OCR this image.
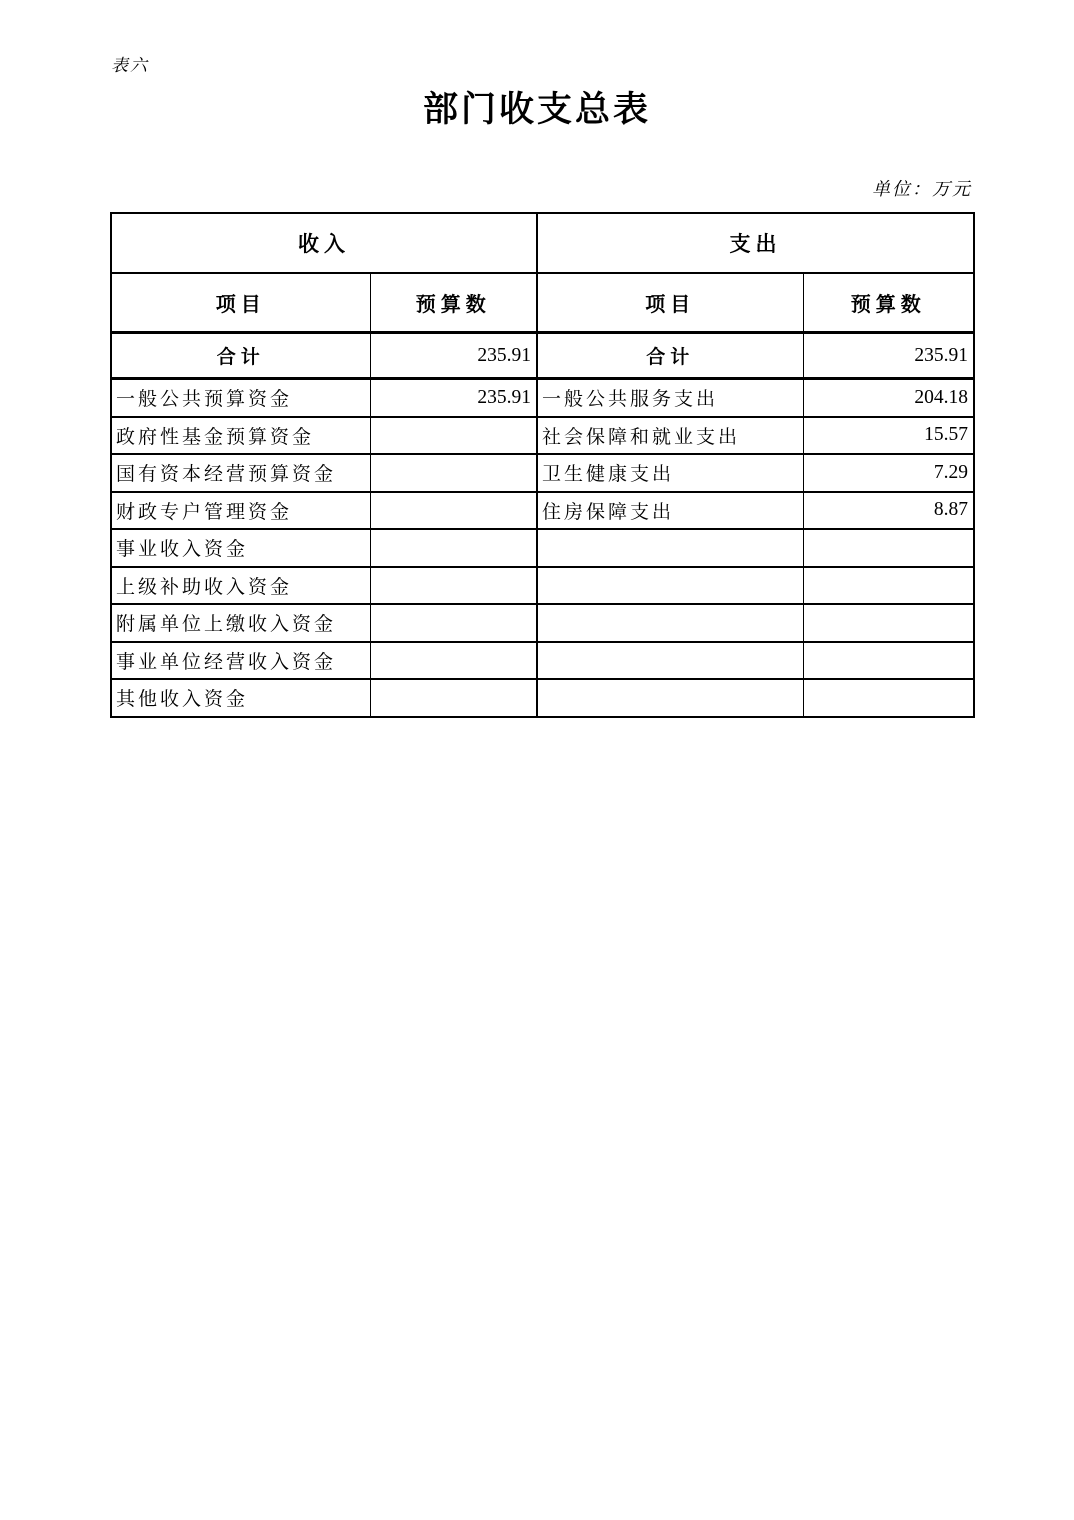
表六
部门收支总表
单位：万元
收入		支出	
项目	预算数	项目	预算数
合计	235.91	合计	235.91
一般公共预算资金	235.91	一般公共服务支出	204.18
政府性基金预算资金		社会保障和就业支出	15.57
国有资本经营预算资金		卫生健康支出	7.29
财政专户管理资金		住房保障支出	8.87
事业收入资金			
上级补助收入资金			
附属单位上缴收入资金			
事业单位经营收入资金			
其他收入资金			
